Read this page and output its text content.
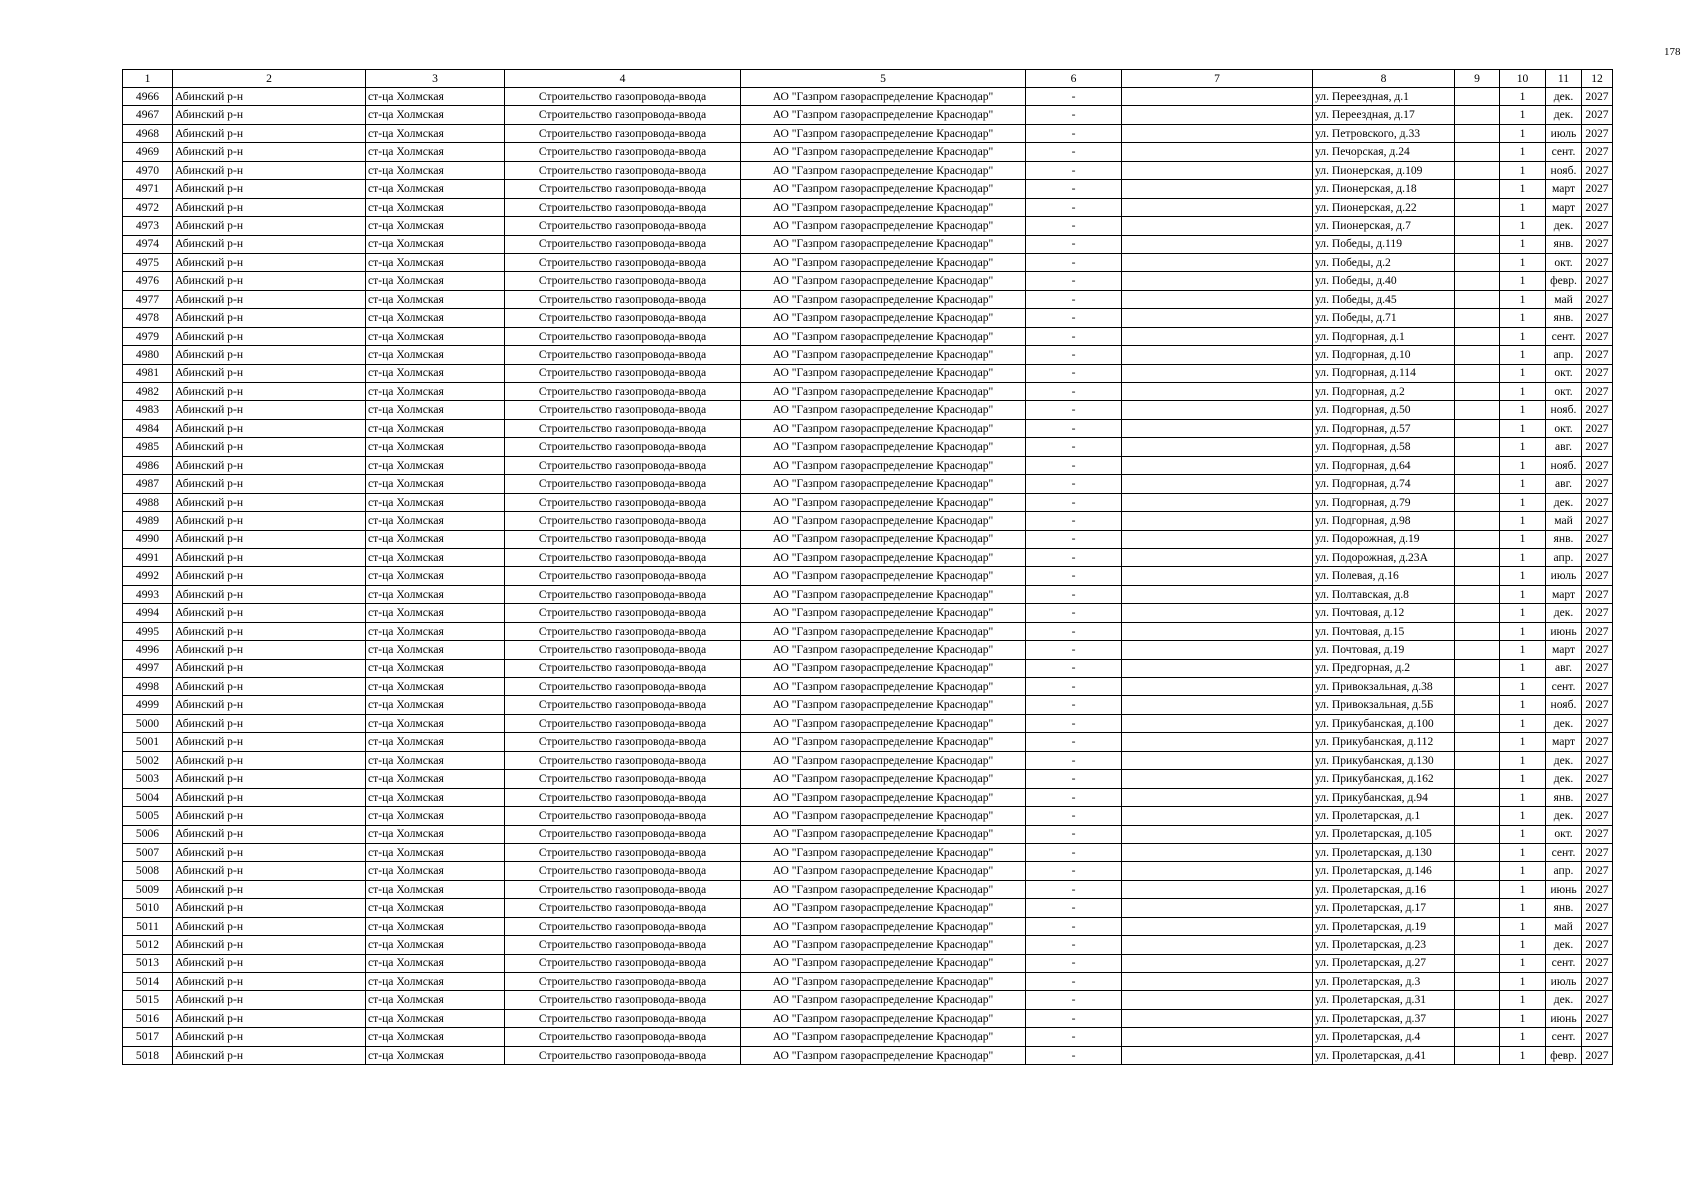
178
1	2	3	4	5	6	7	8	9	10	11	12
4966	Абинский р-н	ст-ца Холмская	Строительство газопровода-ввода	АО "Газпром газораспределение Краснодар"	-		ул. Переездная, д.1		1	дек.	2027
4967	Абинский р-н	ст-ца Холмская	Строительство газопровода-ввода	АО "Газпром газораспределение Краснодар"	-		ул. Переездная, д.17		1	дек.	2027
4968	Абинский р-н	ст-ца Холмская	Строительство газопровода-ввода	АО "Газпром газораспределение Краснодар"	-		ул. Петровского, д.33		1	июль	2027
4969	Абинский р-н	ст-ца Холмская	Строительство газопровода-ввода	АО "Газпром газораспределение Краснодар"	-		ул. Печорская, д.24		1	сент.	2027
4970	Абинский р-н	ст-ца Холмская	Строительство газопровода-ввода	АО "Газпром газораспределение Краснодар"	-		ул. Пионерская, д.109		1	нояб.	2027
4971	Абинский р-н	ст-ца Холмская	Строительство газопровода-ввода	АО "Газпром газораспределение Краснодар"	-		ул. Пионерская, д.18		1	март	2027
4972	Абинский р-н	ст-ца Холмская	Строительство газопровода-ввода	АО "Газпром газораспределение Краснодар"	-		ул. Пионерская, д.22		1	март	2027
4973	Абинский р-н	ст-ца Холмская	Строительство газопровода-ввода	АО "Газпром газораспределение Краснодар"	-		ул. Пионерская, д.7		1	дек.	2027
4974	Абинский р-н	ст-ца Холмская	Строительство газопровода-ввода	АО "Газпром газораспределение Краснодар"	-		ул. Победы, д.119		1	янв.	2027
4975	Абинский р-н	ст-ца Холмская	Строительство газопровода-ввода	АО "Газпром газораспределение Краснодар"	-		ул. Победы, д.2		1	окт.	2027
4976	Абинский р-н	ст-ца Холмская	Строительство газопровода-ввода	АО "Газпром газораспределение Краснодар"	-		ул. Победы, д.40		1	февр.	2027
4977	Абинский р-н	ст-ца Холмская	Строительство газопровода-ввода	АО "Газпром газораспределение Краснодар"	-		ул. Победы, д.45		1	май	2027
4978	Абинский р-н	ст-ца Холмская	Строительство газопровода-ввода	АО "Газпром газораспределение Краснодар"	-		ул. Победы, д.71		1	янв.	2027
4979	Абинский р-н	ст-ца Холмская	Строительство газопровода-ввода	АО "Газпром газораспределение Краснодар"	-		ул. Подгорная, д.1		1	сент.	2027
4980	Абинский р-н	ст-ца Холмская	Строительство газопровода-ввода	АО "Газпром газораспределение Краснодар"	-		ул. Подгорная, д.10		1	апр.	2027
4981	Абинский р-н	ст-ца Холмская	Строительство газопровода-ввода	АО "Газпром газораспределение Краснодар"	-		ул. Подгорная, д.114		1	окт.	2027
4982	Абинский р-н	ст-ца Холмская	Строительство газопровода-ввода	АО "Газпром газораспределение Краснодар"	-		ул. Подгорная, д.2		1	окт.	2027
4983	Абинский р-н	ст-ца Холмская	Строительство газопровода-ввода	АО "Газпром газораспределение Краснодар"	-		ул. Подгорная, д.50		1	нояб.	2027
4984	Абинский р-н	ст-ца Холмская	Строительство газопровода-ввода	АО "Газпром газораспределение Краснодар"	-		ул. Подгорная, д.57		1	окт.	2027
4985	Абинский р-н	ст-ца Холмская	Строительство газопровода-ввода	АО "Газпром газораспределение Краснодар"	-		ул. Подгорная, д.58		1	авг.	2027
4986	Абинский р-н	ст-ца Холмская	Строительство газопровода-ввода	АО "Газпром газораспределение Краснодар"	-		ул. Подгорная, д.64		1	нояб.	2027
4987	Абинский р-н	ст-ца Холмская	Строительство газопровода-ввода	АО "Газпром газораспределение Краснодар"	-		ул. Подгорная, д.74		1	авг.	2027
4988	Абинский р-н	ст-ца Холмская	Строительство газопровода-ввода	АО "Газпром газораспределение Краснодар"	-		ул. Подгорная, д.79		1	дек.	2027
4989	Абинский р-н	ст-ца Холмская	Строительство газопровода-ввода	АО "Газпром газораспределение Краснодар"	-		ул. Подгорная, д.98		1	май	2027
4990	Абинский р-н	ст-ца Холмская	Строительство газопровода-ввода	АО "Газпром газораспределение Краснодар"	-		ул. Подорожная, д.19		1	янв.	2027
4991	Абинский р-н	ст-ца Холмская	Строительство газопровода-ввода	АО "Газпром газораспределение Краснодар"	-		ул. Подорожная, д.23А		1	апр.	2027
4992	Абинский р-н	ст-ца Холмская	Строительство газопровода-ввода	АО "Газпром газораспределение Краснодар"	-		ул. Полевая, д.16		1	июль	2027
4993	Абинский р-н	ст-ца Холмская	Строительство газопровода-ввода	АО "Газпром газораспределение Краснодар"	-		ул. Полтавская, д.8		1	март	2027
4994	Абинский р-н	ст-ца Холмская	Строительство газопровода-ввода	АО "Газпром газораспределение Краснодар"	-		ул. Почтовая, д.12		1	дек.	2027
4995	Абинский р-н	ст-ца Холмская	Строительство газопровода-ввода	АО "Газпром газораспределение Краснодар"	-		ул. Почтовая, д.15		1	июнь	2027
4996	Абинский р-н	ст-ца Холмская	Строительство газопровода-ввода	АО "Газпром газораспределение Краснодар"	-		ул. Почтовая, д.19		1	март	2027
4997	Абинский р-н	ст-ца Холмская	Строительство газопровода-ввода	АО "Газпром газораспределение Краснодар"	-		ул. Предгорная, д.2		1	авг.	2027
4998	Абинский р-н	ст-ца Холмская	Строительство газопровода-ввода	АО "Газпром газораспределение Краснодар"	-		ул. Привокзальная, д.38		1	сент.	2027
4999	Абинский р-н	ст-ца Холмская	Строительство газопровода-ввода	АО "Газпром газораспределение Краснодар"	-		ул. Привокзальная, д.5Б		1	нояб.	2027
5000	Абинский р-н	ст-ца Холмская	Строительство газопровода-ввода	АО "Газпром газораспределение Краснодар"	-		ул. Прикубанская, д.100		1	дек.	2027
5001	Абинский р-н	ст-ца Холмская	Строительство газопровода-ввода	АО "Газпром газораспределение Краснодар"	-		ул. Прикубанская, д.112		1	март	2027
5002	Абинский р-н	ст-ца Холмская	Строительство газопровода-ввода	АО "Газпром газораспределение Краснодар"	-		ул. Прикубанская, д.130		1	дек.	2027
5003	Абинский р-н	ст-ца Холмская	Строительство газопровода-ввода	АО "Газпром газораспределение Краснодар"	-		ул. Прикубанская, д.162		1	дек.	2027
5004	Абинский р-н	ст-ца Холмская	Строительство газопровода-ввода	АО "Газпром газораспределение Краснодар"	-		ул. Прикубанская, д.94		1	янв.	2027
5005	Абинский р-н	ст-ца Холмская	Строительство газопровода-ввода	АО "Газпром газораспределение Краснодар"	-		ул. Пролетарская, д.1		1	дек.	2027
5006	Абинский р-н	ст-ца Холмская	Строительство газопровода-ввода	АО "Газпром газораспределение Краснодар"	-		ул. Пролетарская, д.105		1	окт.	2027
5007	Абинский р-н	ст-ца Холмская	Строительство газопровода-ввода	АО "Газпром газораспределение Краснодар"	-		ул. Пролетарская, д.130		1	сент.	2027
5008	Абинский р-н	ст-ца Холмская	Строительство газопровода-ввода	АО "Газпром газораспределение Краснодар"	-		ул. Пролетарская, д.146		1	апр.	2027
5009	Абинский р-н	ст-ца Холмская	Строительство газопровода-ввода	АО "Газпром газораспределение Краснодар"	-		ул. Пролетарская, д.16		1	июнь	2027
5010	Абинский р-н	ст-ца Холмская	Строительство газопровода-ввода	АО "Газпром газораспределение Краснодар"	-		ул. Пролетарская, д.17		1	янв.	2027
5011	Абинский р-н	ст-ца Холмская	Строительство газопровода-ввода	АО "Газпром газораспределение Краснодар"	-		ул. Пролетарская, д.19		1	май	2027
5012	Абинский р-н	ст-ца Холмская	Строительство газопровода-ввода	АО "Газпром газораспределение Краснодар"	-		ул. Пролетарская, д.23		1	дек.	2027
5013	Абинский р-н	ст-ца Холмская	Строительство газопровода-ввода	АО "Газпром газораспределение Краснодар"	-		ул. Пролетарская, д.27		1	сент.	2027
5014	Абинский р-н	ст-ца Холмская	Строительство газопровода-ввода	АО "Газпром газораспределение Краснодар"	-		ул. Пролетарская, д.3		1	июль	2027
5015	Абинский р-н	ст-ца Холмская	Строительство газопровода-ввода	АО "Газпром газораспределение Краснодар"	-		ул. Пролетарская, д.31		1	дек.	2027
5016	Абинский р-н	ст-ца Холмская	Строительство газопровода-ввода	АО "Газпром газораспределение Краснодар"	-		ул. Пролетарская, д.37		1	июнь	2027
5017	Абинский р-н	ст-ца Холмская	Строительство газопровода-ввода	АО "Газпром газораспределение Краснодар"	-		ул. Пролетарская, д.4		1	сент.	2027
5018	Абинский р-н	ст-ца Холмская	Строительство газопровода-ввода	АО "Газпром газораспределение Краснодар"	-		ул. Пролетарская, д.41		1	февр.	2027
